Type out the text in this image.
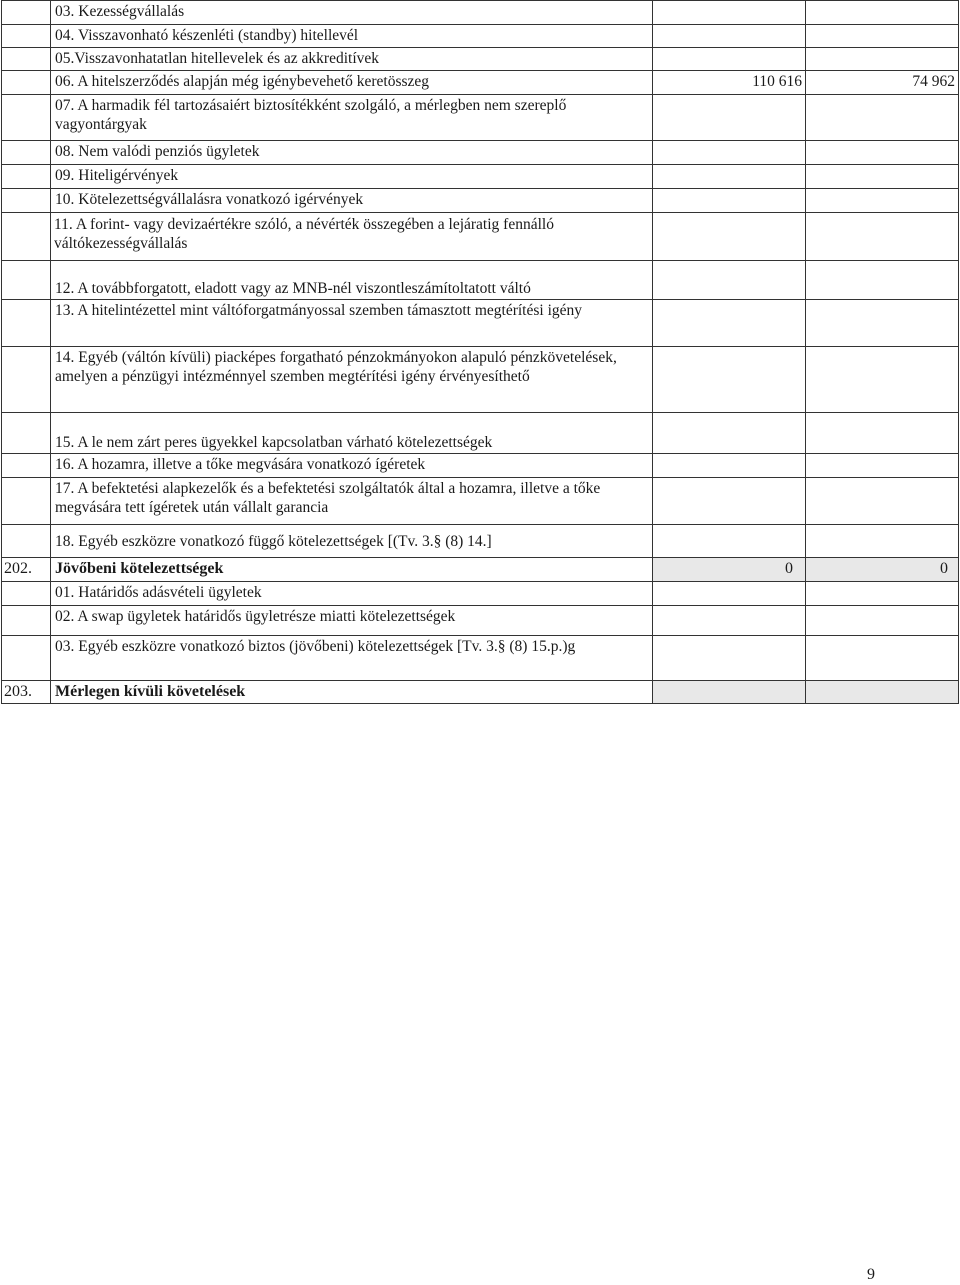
	03. Kezességvállalás		
	04. Visszavonható készenléti (standby) hitellevél		
	05.Visszavonhatatlan hitellevelek és az akkreditívek		
	06. A hitelszerződés alapján még igénybevehető keretösszeg	110 616	74 962
	07. A harmadik fél tartozásaiért biztosítékként szolgáló, a mérlegben nem szereplő vagyontárgyak		
	08. Nem valódi penziós ügyletek		
	09. Hiteligérvények		
	10. Kötelezettségvállalásra vonatkozó igérvények		
	11. A forint- vagy devizaértékre szóló, a névérték összegében a lejáratig fennálló váltókezességvállalás		
	12. A továbbforgatott, eladott vagy az MNB-nél viszontleszámítoltatott váltó		
	13. A hitelintézettel mint váltóforgatmányossal szemben támasztott megtérítési igény		
	14. Egyéb (váltón kívüli) piacképes forgatható pénzokmányokon alapuló pénzkövetelések, amelyen a pénzügyi intézménnyel szemben megtérítési igény érvényesíthető		
	15. A le nem zárt peres ügyekkel kapcsolatban várható kötelezettségek		
	16. A hozamra, illetve a tőke megvására vonatkozó ígéretek		
	17. A befektetési alapkezelők és a befektetési szolgáltatók által a hozamra, illetve a tőke megvására tett ígéretek után vállalt garancia		
	18. Egyéb eszközre vonatkozó függő kötelezettségek [(Tv. 3.§ (8) 14.]		
202.	Jövőbeni kötelezettségek	0	0
	01. Határidős adásvételi ügyletek		
	02. A swap ügyletek határidős ügyletrésze miatti kötelezettségek		
	03. Egyéb eszközre vonatkozó biztos (jövőbeni) kötelezettségek [Tv. 3.§ (8) 15.p.)g		
203.	Mérlegen kívüli követelések		
9
